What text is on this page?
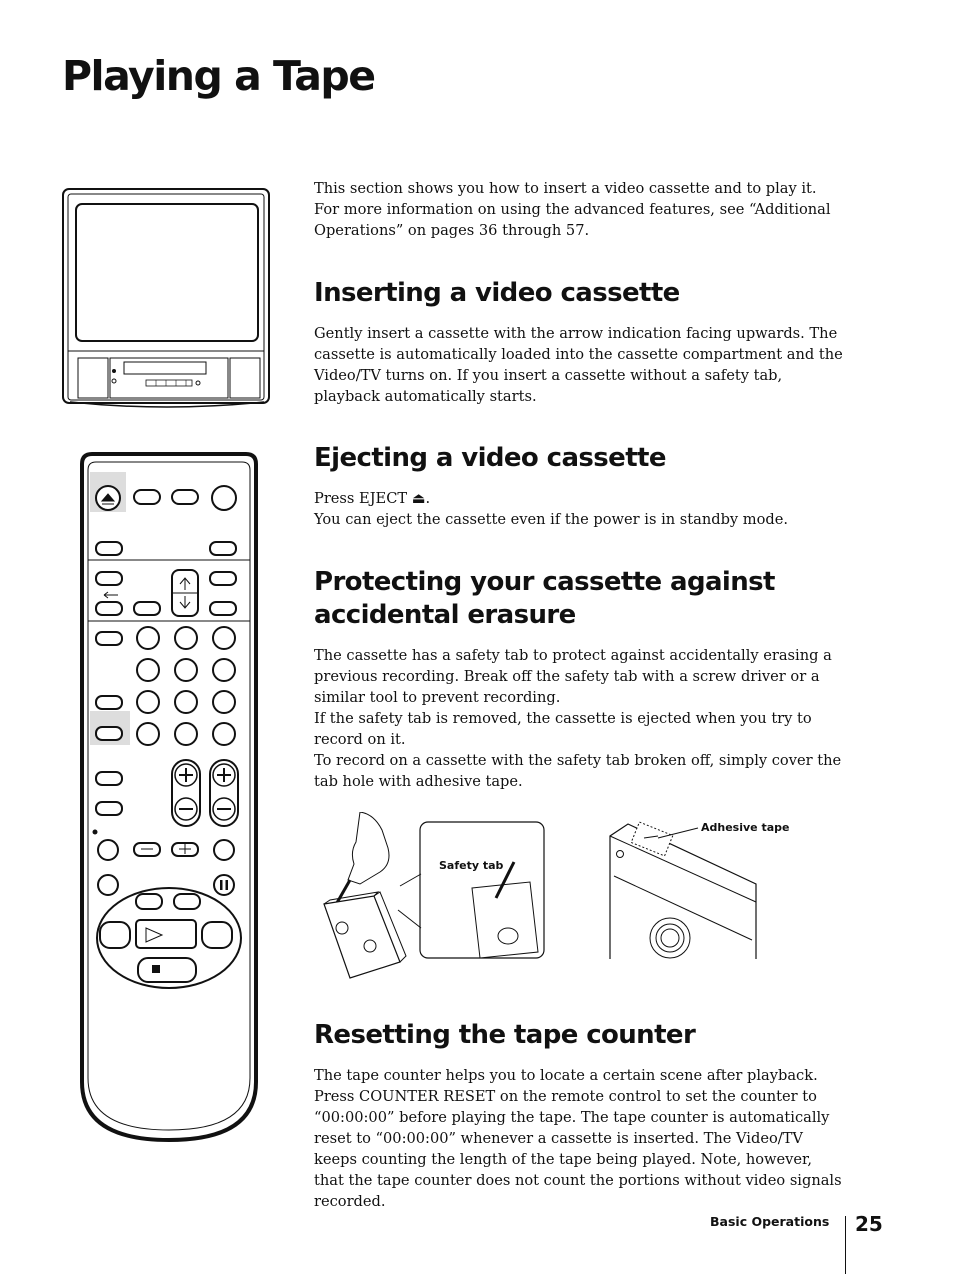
Playing a Tape

This section shows you how to insert a video cassette and to play it. For more information on using the advanced features, see “Additional Operations” on pages 36 through 57.

Inserting a video cassette

Gently insert a cassette with the arrow indication facing upwards. The cassette is automatically loaded into the cassette compartment and the Video/TV turns on. If you insert a cassette without a safety tab, playback automatically starts.

Ejecting a video cassette

Press EJECT ⏏.

You can eject the cassette even if the power is in standby mode.

Protecting your cassette against
accidental erasure

The cassette has a safety tab to protect against accidentally erasing a previous recording. Break off the safety tab with a screw driver or a similar tool to prevent recording.

If the safety tab is removed, the cassette is ejected when you try to record on it.

To record on a cassette with the safety tab broken off, simply cover the tab hole with adhesive tape.

Safety tab
Adhesive tape
Resetting the tape counter

The tape counter helps you to locate a certain scene after playback. Press COUNTER RESET on the remote control to set the counter to “00:00:00” before playing the tape. The tape counter is automatically reset to “00:00:00” whenever a cassette is inserted. The Video/TV keeps counting the length of the tape being played. Note, however, that the tape counter does not count the portions without video signals recorded.

Basic Operations 25
